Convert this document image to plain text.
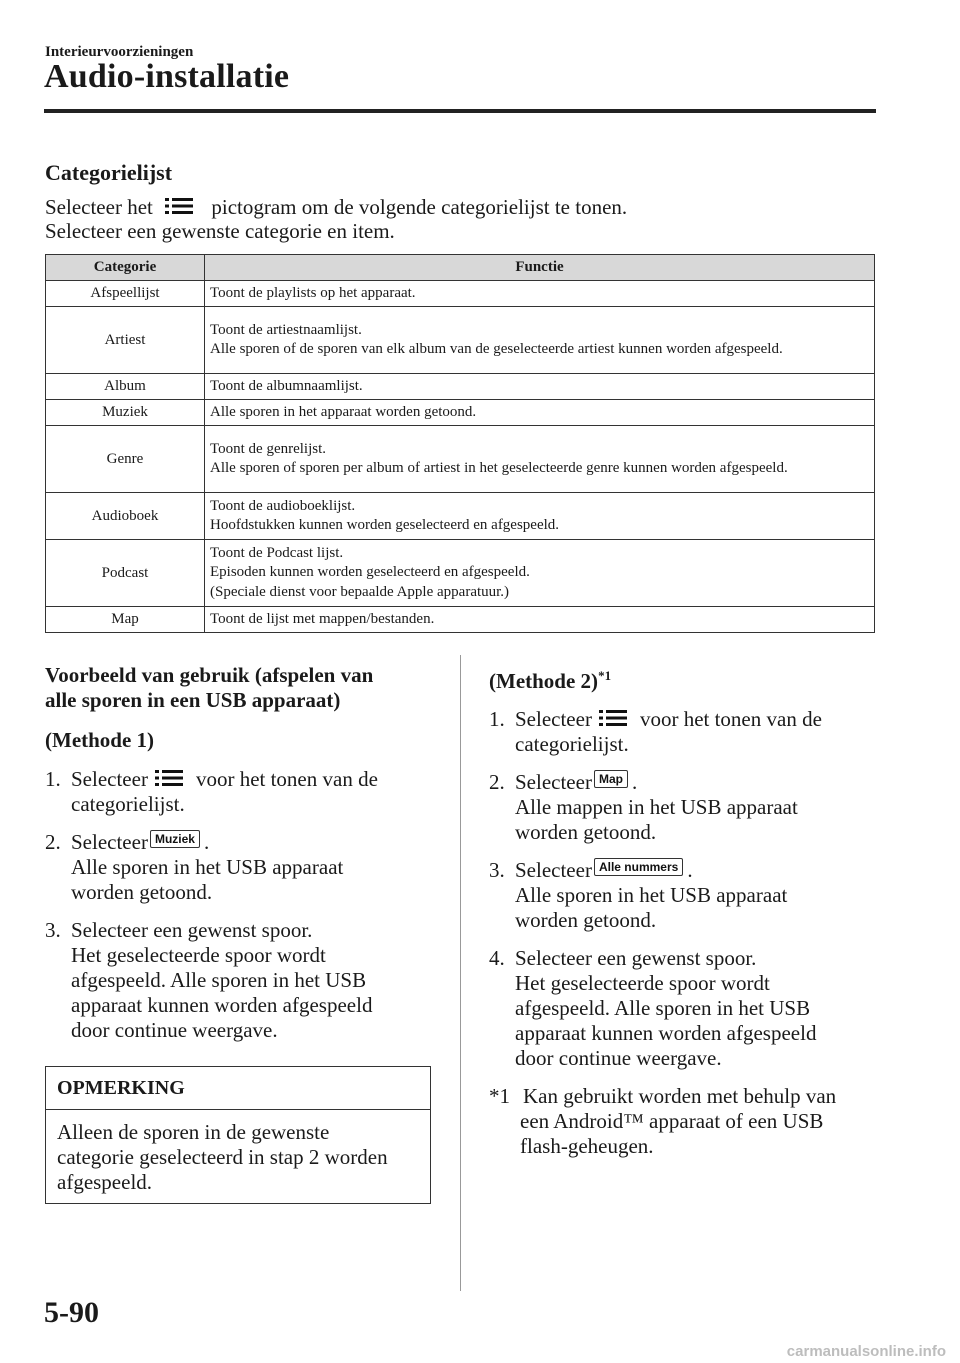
Interieurvoorzieningen
Audio-installatie
Categorielijst
Selecteer het	pictogram om de volgende categorielijst te tonen.
Selecteer een gewenste categorie en item.
Categorie	Functie
Afspeellijst	Toont de playlists op het apparaat.

Artiest	Toont de artiestnaamlijst.
Alle sporen of de sporen van elk album van de geselecteerde artiest kunnen worden afgespeeld.

Album	Toont de albumnaamlijst.

Muziek	Alle sporen in het apparaat worden getoond.

Genre	Toont de genrelijst.
Alle sporen of sporen per album of artiest in het geselecteerde genre kunnen worden afgespeeld.

Audioboek	Toont de audioboeklijst.
Hoofdstukken kunnen worden geselecteerd en afgespeeld.

Podcast	Toont de Podcast lijst.
Episoden kunnen worden geselecteerd en afgespeeld.
(Speciale dienst voor bepaalde Apple apparatuur.)

Map	Toont de lijst met mappen/bestanden.
Voorbeeld van gebruik (afspelen van
alle sporen in een USB apparaat)
(Methode 1)
1. Selecteer voor het tonen van de
categorielijst.
2. Selecteer Muziek .
Alle sporen in het USB apparaat
worden getoond.
3. Selecteer een gewenst spoor.
Het geselecteerde spoor wordt
afgespeeld. Alle sporen in het USB
apparaat kunnen worden afgespeeld
door continue weergave.
OPMERKING
Alleen de sporen in de gewenste
categorie geselecteerd in stap 2 worden
afgespeeld.
(Methode 2)$^{*1}$
1. Selecteer voor het tonen van de
categorielijst.
2. Selecteer Map .
Alle mappen in het USB apparaat
worden getoond.
3. Selecteer Alle nummers .
Alle sporen in het USB apparaat
worden getoond.
4. Selecteer een gewenst spoor.
Het geselecteerde spoor wordt
afgespeeld. Alle sporen in het USB
apparaat kunnen worden afgespeeld
door continue weergave.
*1 Kan gebruikt worden met behulp van
een Android™ apparaat of een USB
flash-geheugen.
5-90
carmanualsonline.info
